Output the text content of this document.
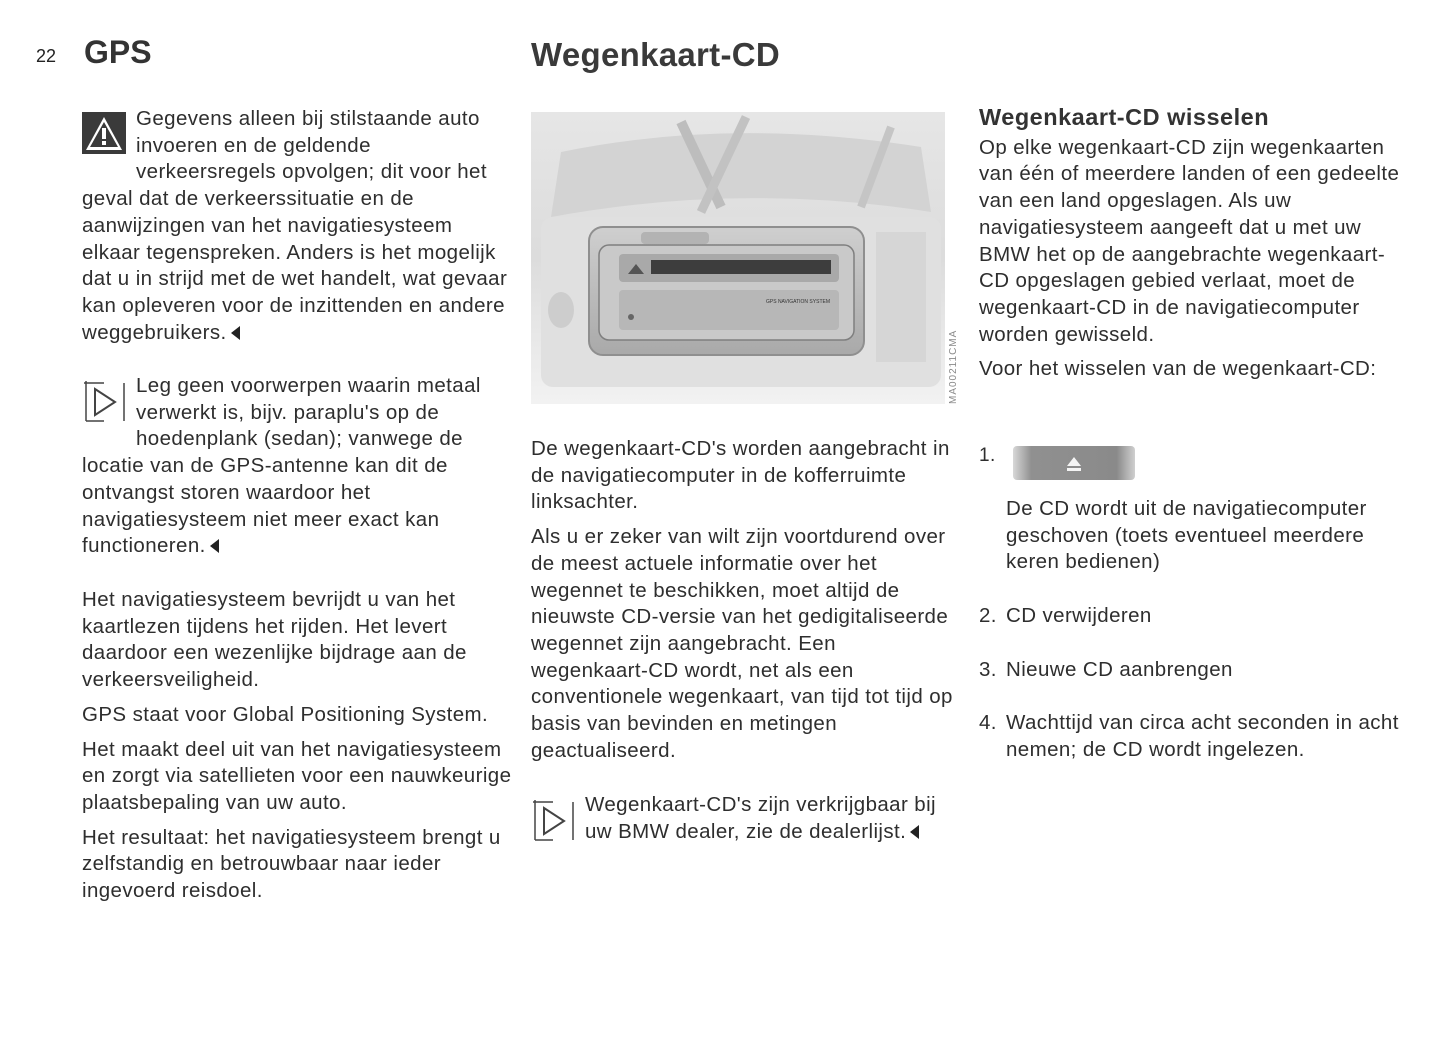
22 GPS	Wegenkaart-CD

Gegevens alleen bij stilstaande auto invoeren en de geldende verkeersregels opvolgen; dit voor het geval dat de verkeerssituatie en de aanwijzingen van het navigatiesysteem elkaar tegenspreken. Anders is het mogelijk dat u in strijd met de wet handelt, wat gevaar kan opleveren voor de inzittenden en andere weggebruikers.

Leg geen voorwerpen waarin metaal verwerkt is, bijv. paraplu's op de hoedenplank (sedan); vanwege de locatie van de GPS-antenne kan dit de ontvangst storen waardoor het navigatiesysteem niet meer exact kan functioneren.

Het navigatiesysteem bevrijdt u van het kaartlezen tijdens het rijden. Het levert daardoor een wezenlijke bijdrage aan de verkeersveiligheid.

GPS staat voor Global Positioning System.

Het maakt deel uit van het navigatiesysteem en zorgt via satellieten voor een nauwkeurige plaatsbepaling van uw auto.

Het resultaat: het navigatiesysteem brengt u zelfstandig en betrouwbaar naar ieder ingevoerd reisdoel.

GPS NAVIGATION SYSTEM
MA00211CMA

De wegenkaart-CD's worden aangebracht in de navigatiecomputer in de kofferruimte linksachter.

Als u er zeker van wilt zijn voortdurend over de meest actuele informatie over het wegennet te beschikken, moet altijd de nieuwste CD-versie van het gedigitaliseerde wegennet zijn aangebracht. Een wegenkaart-CD wordt, net als een conventionele wegenkaart, van tijd tot tijd op basis van bevinden en metingen geactualiseerd.

Wegenkaart-CD's zijn verkrijgbaar bij uw BMW dealer, zie de dealerlijst.

Wegenkaart-CD wisselen

Op elke wegenkaart-CD zijn wegenkaarten van één of meerdere landen of een gedeelte van een land opgeslagen. Als uw navigatiesysteem aangeeft dat u met uw BMW het op de aangebrachte wegenkaart-CD opgeslagen gebied verlaat, moet de wegenkaart-CD in de navigatiecomputer worden gewisseld.

Voor het wisselen van de wegenkaart-CD:

1.
De CD wordt uit de navigatiecomputer geschoven (toets eventueel meerdere keren bedienen)
2. CD verwijderen
3. Nieuwe CD aanbrengen
4. Wachttijd van circa acht seconden in acht nemen; de CD wordt ingelezen.
